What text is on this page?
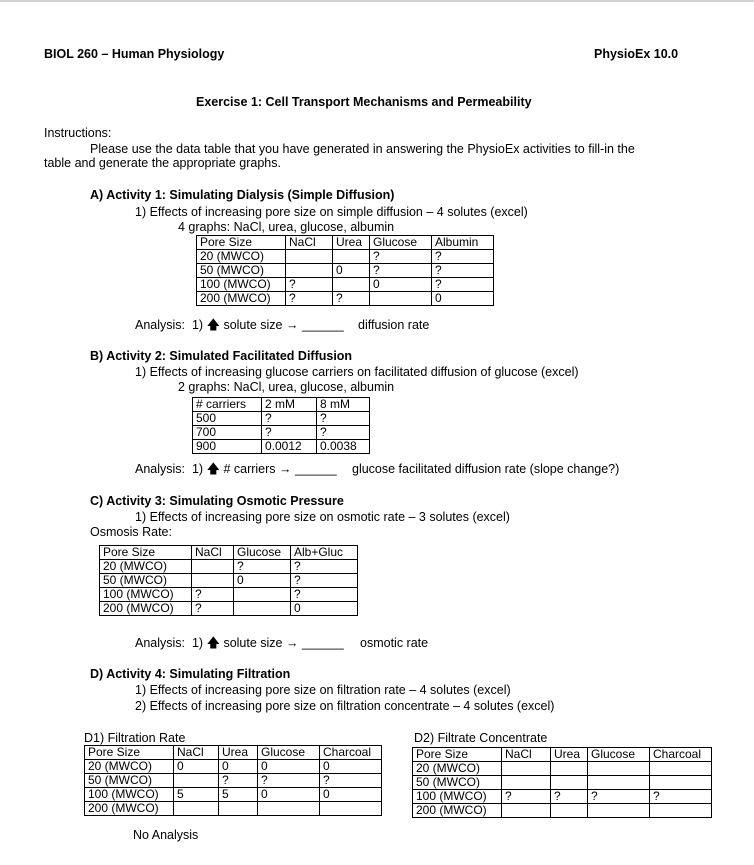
BIOL 260 – Human Physiology	PhysioEx 10.0
Exercise 1: Cell Transport Mechanisms and Permeability
Instructions:
Please use the data table that you have generated in answering the PhysioEx activities to fill-in the
table and generate the appropriate graphs.
A) Activity 1: Simulating Dialysis (Simple Diffusion)
1) Effects of increasing pore size on simple diffusion – 4 solutes (excel)
4 graphs: NaCl, urea, glucose, albumin
Pore Size	NaCl	Urea	Glucose	Albumin
20 (MWCO)			?	?
50 (MWCO)		0	?	?
100 (MWCO)	?		0	?
200 (MWCO)	?	?		0
Analysis: 1) 🡅 solute size → ______ diffusion rate
B) Activity 2: Simulated Facilitated Diffusion
1) Effects of increasing glucose carriers on facilitated diffusion of glucose (excel)
2 graphs: NaCl, urea, glucose, albumin
# carriers	2 mM	8 mM
500	?	?
700	?	?
900	0.0012	0.0038
Analysis: 1) 🡅 # carriers → ______ glucose facilitated diffusion rate (slope change?)
C) Activity 3: Simulating Osmotic Pressure
1) Effects of increasing pore size on osmotic rate – 3 solutes (excel)
Osmosis Rate:
Pore Size	NaCl	Glucose	Alb+Gluc
20 (MWCO)		?	?
50 (MWCO)		0	?
100 (MWCO)	?		?
200 (MWCO)	?		0
Analysis: 1) 🡅 solute size → ______ osmotic rate
D) Activity 4: Simulating Filtration
1) Effects of increasing pore size on filtration rate – 4 solutes (excel)
2) Effects of increasing pore size on filtration concentrate – 4 solutes (excel)
D1) Filtration Rate
Pore Size	NaCl	Urea	Glucose	Charcoal
20 (MWCO)	0	0	0	0
50 (MWCO)		?	?	?
100 (MWCO)	5	5	0	0
200 (MWCO)				
No Analysis
D2) Filtrate Concentrate
Pore Size	NaCl	Urea	Glucose	Charcoal
20 (MWCO)				
50 (MWCO)				
100 (MWCO)	?	?	?	?
200 (MWCO)				
